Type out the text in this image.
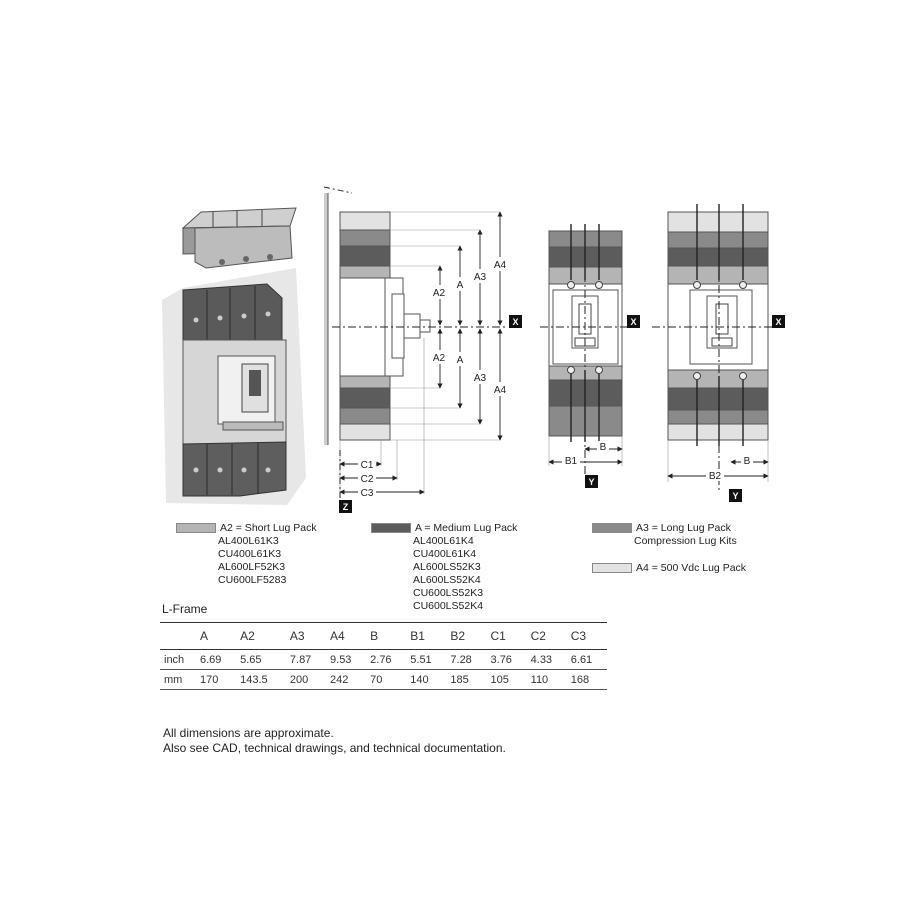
A2
A2
A
A
A3
A3
A4
A4
X
C1
C2
C3
Z
X
B
B1
Y
X
B
B2
Y
A2 = Short Lug Pack
AL400L61K3
CU400L61K3
AL600LF52K3
CU600LF5283
A = Medium Lug Pack
AL400L61K4
CU400L61K4
AL600LS52K3
AL600LS52K4
CU600LS52K3
CU600LS52K4
A3 = Long Lug Pack
Compression Lug Kits
A4 = 500 Vdc Lug Pack
L-Frame
	A	A2	A3	A4	B	B1	B2	C1	C2	C3
inch	6.69	5.65	7.87	9.53	2.76	5.51	7.28	3.76	4.33	6.61
mm	170	143.5	200	242	70	140	185	105	110	168
All dimensions are approximate.
Also see CAD, technical drawings, and technical documentation.
